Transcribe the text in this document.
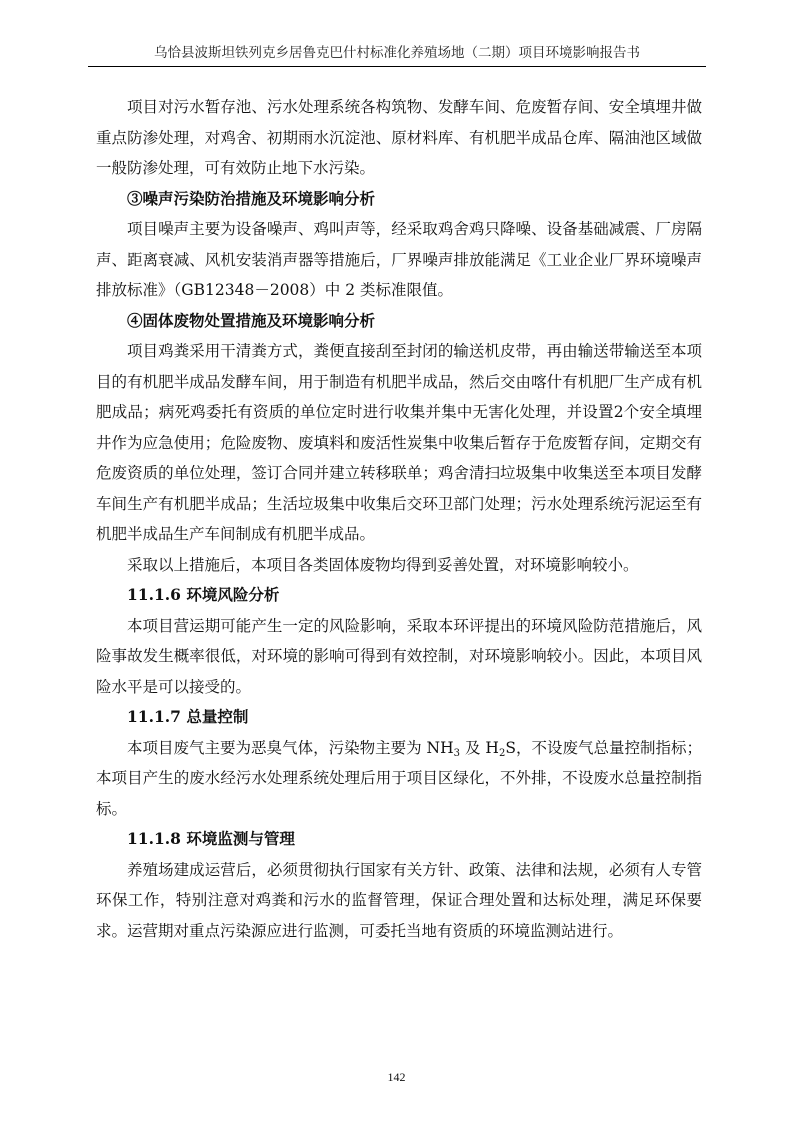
乌恰县波斯坦铁列克乡居鲁克巴什村标准化养殖场地（二期）项目环境影响报告书

项目对污水暂存池、污水处理系统各构筑物、发酵车间、危废暂存间、安全填埋井做重点防渗处理，对鸡舍、初期雨水沉淀池、原材料库、有机肥半成品仓库、隔油池区域做一般防渗处理，可有效防止地下水污染。

③噪声污染防治措施及环境影响分析

项目噪声主要为设备噪声、鸡叫声等，经采取鸡舍鸡只降噪、设备基础减震、厂房隔声、距离衰减、风机安装消声器等措施后，厂界噪声排放能满足《工业企业厂界环境噪声排放标准》（GB12348－2008）中 2 类标准限值。

④固体废物处置措施及环境影响分析

项目鸡粪采用干清粪方式，粪便直接刮至封闭的输送机皮带，再由输送带输送至本项目的有机肥半成品发酵车间，用于制造有机肥半成品，然后交由喀什有机肥厂生产成有机肥成品；病死鸡委托有资质的单位定时进行收集并集中无害化处理，并设置2个安全填埋井作为应急使用；危险废物、废填料和废活性炭集中收集后暂存于危废暂存间，定期交有危废资质的单位处理，签订合同并建立转移联单；鸡舍清扫垃圾集中收集送至本项目发酵车间生产有机肥半成品；生活垃圾集中收集后交环卫部门处理；污水处理系统污泥运至有机肥半成品生产车间制成有机肥半成品。

采取以上措施后，本项目各类固体废物均得到妥善处置，对环境影响较小。

11.1.6 环境风险分析

本项目营运期可能产生一定的风险影响，采取本环评提出的环境风险防范措施后，风险事故发生概率很低，对环境的影响可得到有效控制，对环境影响较小。因此，本项目风险水平是可以接受的。

11.1.7 总量控制

本项目废气主要为恶臭气体，污染物主要为 $NH_3$ 及 $H_2S$，不设废气总量控制指标；本项目产生的废水经污水处理系统处理后用于项目区绿化，不外排，不设废水总量控制指标。

11.1.8 环境监测与管理

养殖场建成运营后，必须贯彻执行国家有关方针、政策、法律和法规，必须有人专管环保工作，特别注意对鸡粪和污水的监督管理，保证合理处置和达标处理，满足环保要求。运营期对重点污染源应进行监测，可委托当地有资质的环境监测站进行。

142
